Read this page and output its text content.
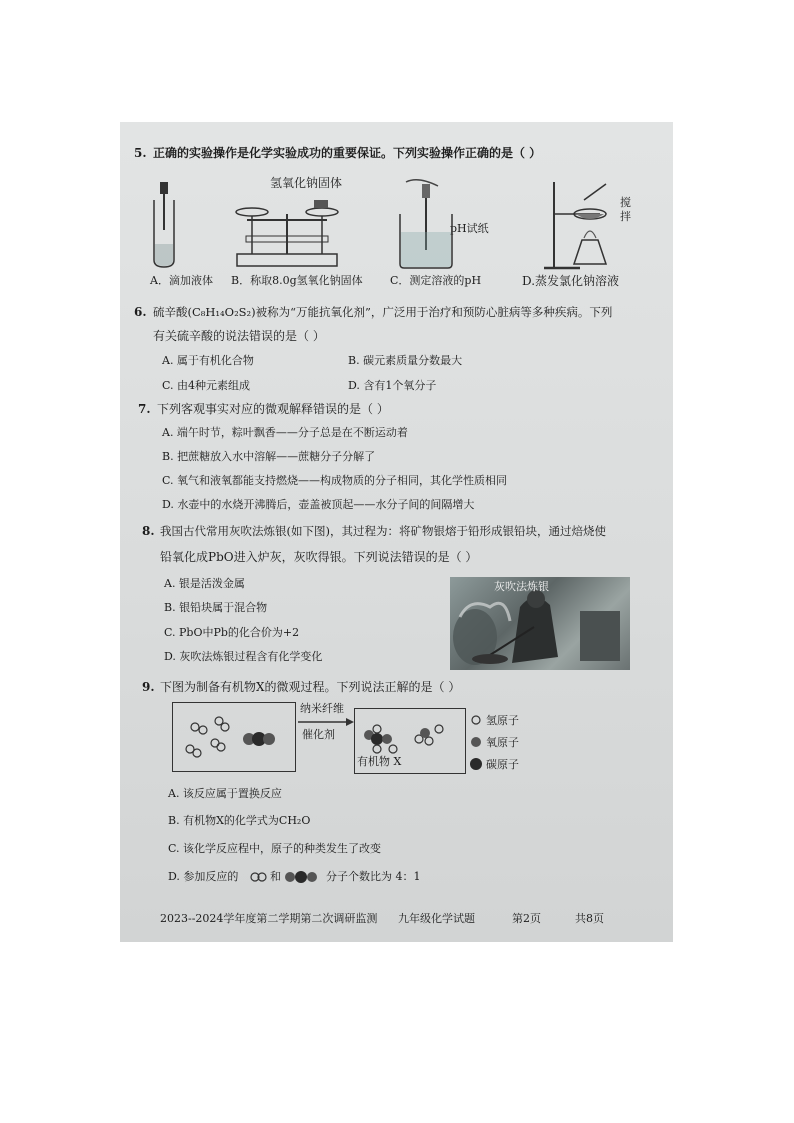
5. 正确的实验操作是化学实验成功的重要保证。下列实验操作正确的是（ ）
氢氧化钠固体
pH试纸
搅拌
A．滴加液体 B．称取8.0g氢氧化钠固体 C．测定溶液的pH	D.蒸发氯化钠溶液
6. 硫辛酸(C₈H₁₄O₂S₂)被称为“万能抗氧化剂”，广泛用于治疗和预防心脏病等多种疾病。下列
有关硫辛酸的说法错误的是（ ）
A. 属于有机化合物	B. 碳元素质量分数最大
C. 由4种元素组成	D. 含有1个氧分子
7. 下列客观事实对应的微观解释错误的是（ ）
A. 端午时节，粽叶飘香——分子总是在不断运动着
B. 把蔗糖放入水中溶解——蔗糖分子分解了
C. 氧气和液氧都能支持燃烧——构成物质的分子相同，其化学性质相同
D. 水壶中的水烧开沸腾后，壶盖被顶起——水分子间的间隔增大
8. 我国古代常用灰吹法炼银(如下图)，其过程为：将矿物银熔于铅形成银铅块，通过焙烧使
铅氧化成PbO进入炉灰，灰吹得银。下列说法错误的是（ ）
灰吹法炼银
A. 银是活泼金属
B. 银铅块属于混合物
C. PbO中Pb的化合价为+2
D. 灰吹法炼银过程含有化学变化
9. 下图为制备有机物X的微观过程。下列说法正解的是（ ）
纳米纤维
催化剂
有机物 X
氢原子
氧原子
碳原子
A. 该反应属于置换反应
B. 有机物X的化学式为CH₂O
C. 该化学反应程中，原子的种类发生了改变
D. 参加反应的	和	分子个数比为 4：1
2023--2024学年度第二学期第二次调研监测 九年级化学试题	第2页	共8页
